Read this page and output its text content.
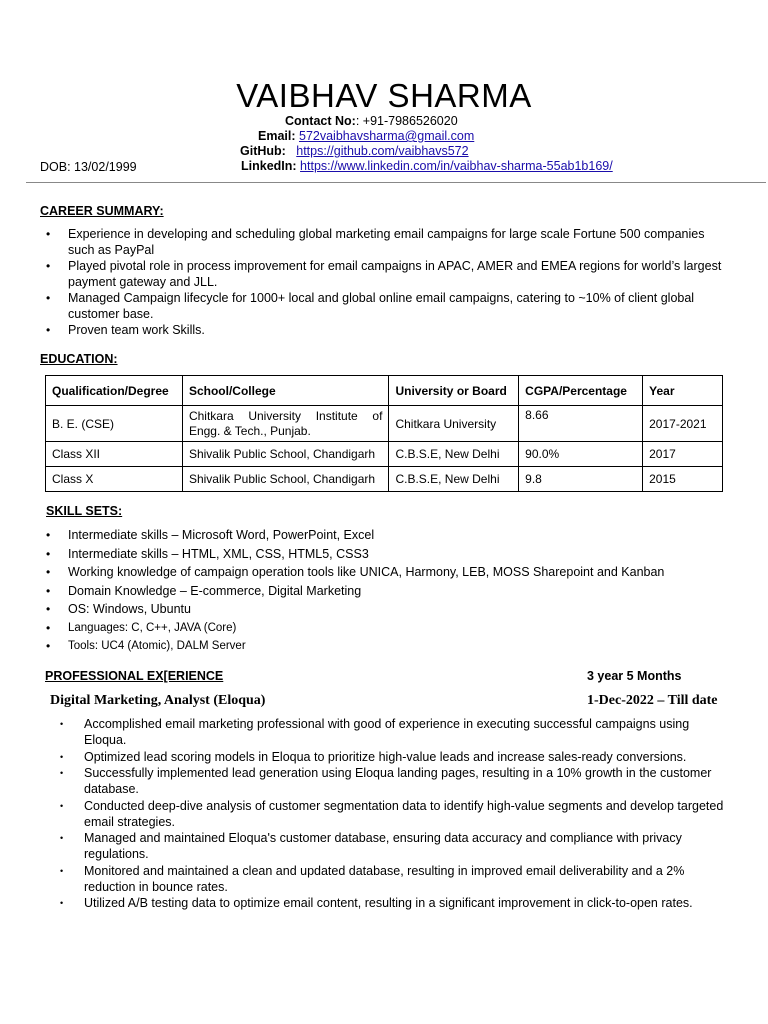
VAIBHAV SHARMA
Contact No:: +91-7986526020
Email: 572vaibhavsharma@gmail.com
GitHub: https://github.com/vaibhavs572
LinkedIn: https://www.linkedin.com/in/vaibhav-sharma-55ab1b169/
DOB: 13/02/1999
CAREER SUMMARY:
• Experience in developing and scheduling global marketing email campaigns for large scale Fortune 500 companies such as PayPal
• Played pivotal role in process improvement for email campaigns in APAC, AMER and EMEA regions for world’s largest payment gateway and JLL.
• Managed Campaign lifecycle for 1000+ local and global online email campaigns, catering to ~10% of client global customer base.
• Proven team work Skills.
EDUCATION:
Qualification/Degree	School/College	University or Board	CGPA/Percentage	Year
B. E. (CSE)	Chitkara University Institute of Engg. & Tech., Punjab.	Chitkara University	8.66	2017-2021
Class XII	Shivalik Public School, Chandigarh	C.B.S.E, New Delhi	90.0%	2017
Class X	Shivalik Public School, Chandigarh	C.B.S.E, New Delhi	9.8	2015
SKILL SETS:
• Intermediate skills – Microsoft Word, PowerPoint, Excel
• Intermediate skills – HTML, XML, CSS, HTML5, CSS3
• Working knowledge of campaign operation tools like UNICA, Harmony, LEB, MOSS Sharepoint and Kanban
• Domain Knowledge – E-commerce, Digital Marketing
• OS: Windows, Ubuntu
• Languages: C, C++, JAVA (Core)
• Tools: UC4 (Atomic), DALM Server
PROFESSIONAL EX[ERIENCE	3 year 5 Months
Digital Marketing, Analyst (Eloqua)	1-Dec-2022 – Till date
• Accomplished email marketing professional with good of experience in executing successful campaigns using Eloqua.
• Optimized lead scoring models in Eloqua to prioritize high-value leads and increase sales-ready conversions.
• Successfully implemented lead generation using Eloqua landing pages, resulting in a 10% growth in the customer database.
• Conducted deep-dive analysis of customer segmentation data to identify high-value segments and develop targeted email strategies.
• Managed and maintained Eloqua's customer database, ensuring data accuracy and compliance with privacy regulations.
• Monitored and maintained a clean and updated database, resulting in improved email deliverability and a 2% reduction in bounce rates.
• Utilized A/B testing data to optimize email content, resulting in a significant improvement in click-to-open rates.
